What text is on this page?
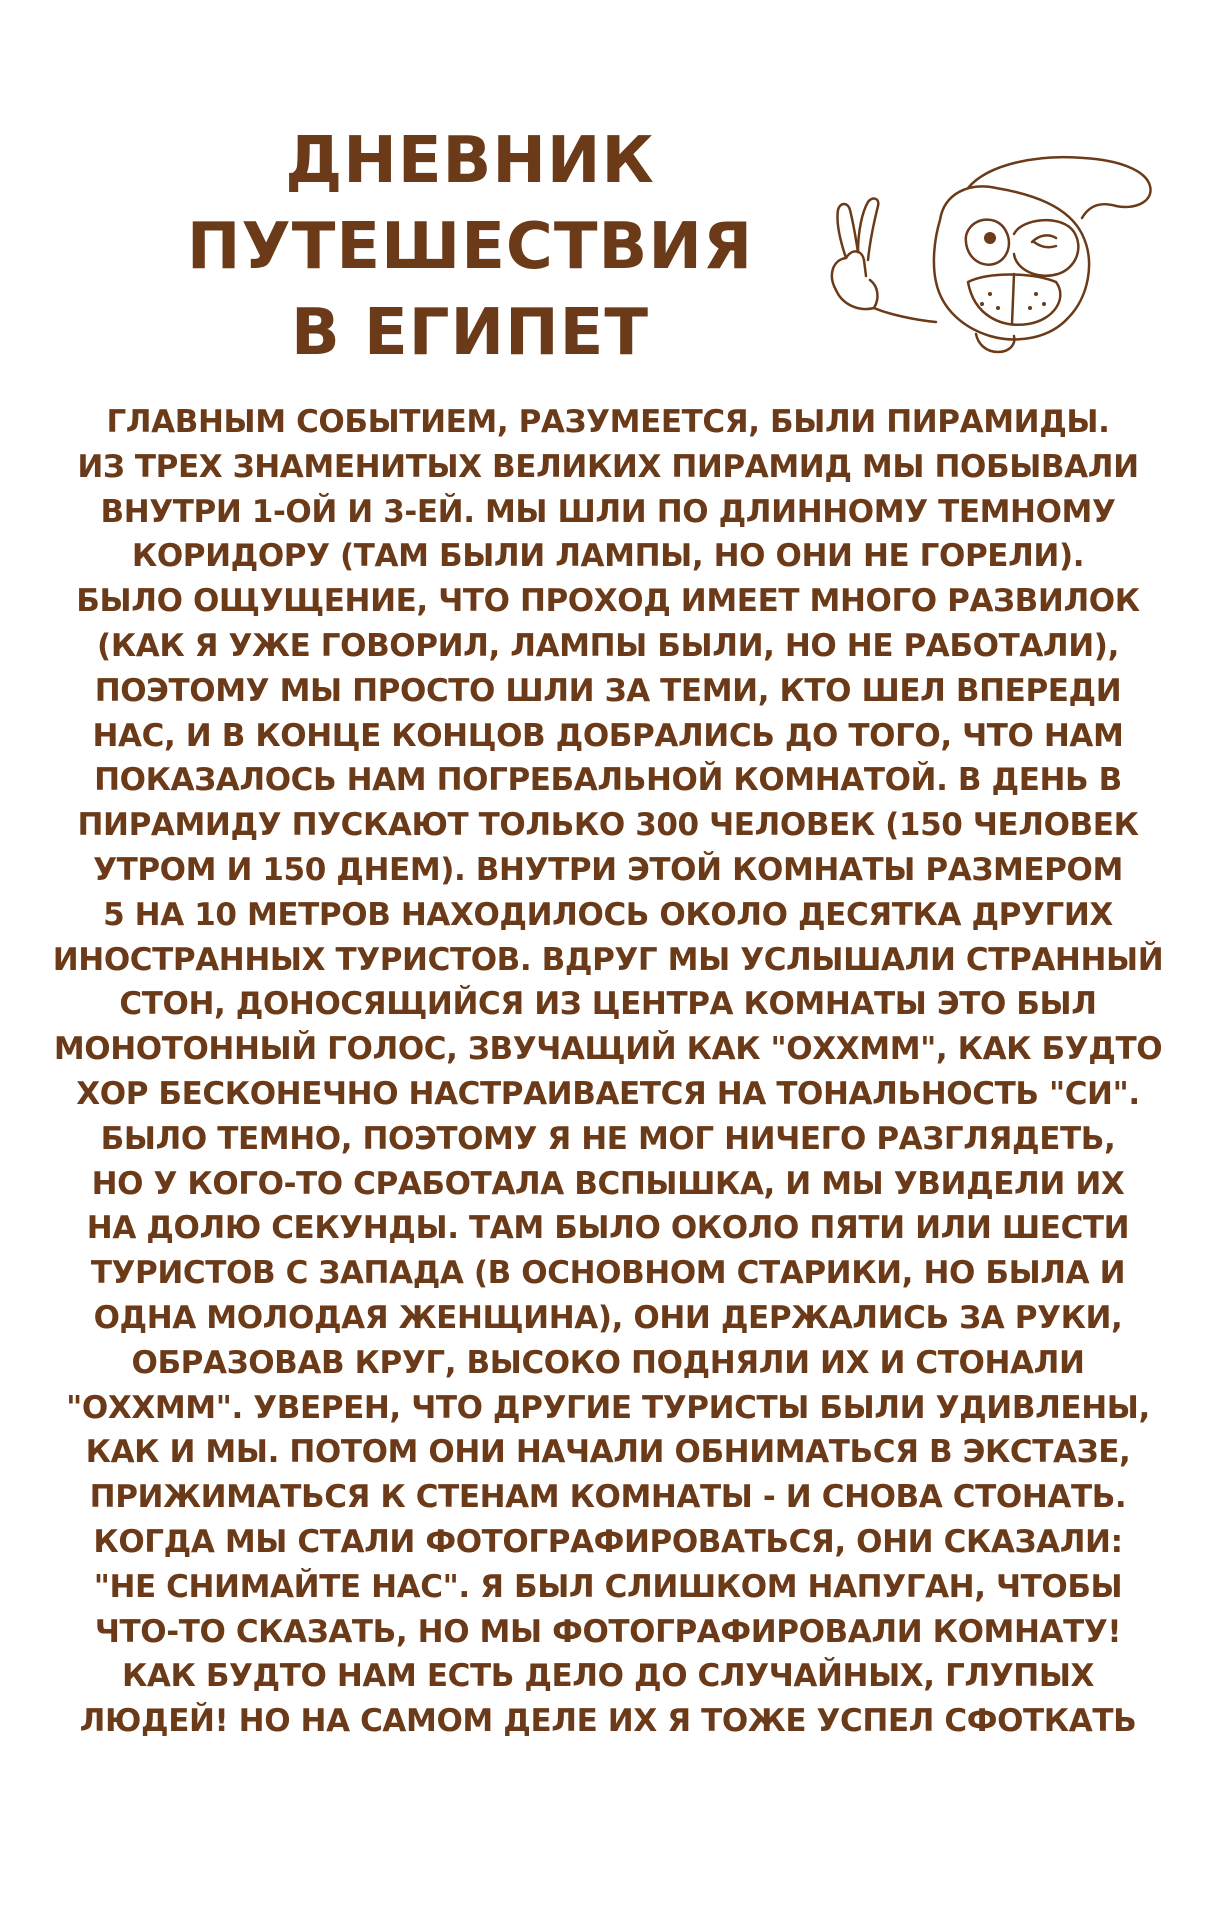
ДНЕВНИК
ПУТЕШЕСТВИЯ
В ЕГИПЕТ
ГЛАВНЫМ СОБЫТИЕМ, РАЗУМЕЕТСЯ, БЫЛИ ПИРАМИДЫ.
ИЗ ТРЕХ ЗНАМЕНИТЫХ ВЕЛИКИХ ПИРАМИД МЫ ПОБЫВАЛИ
ВНУТРИ 1-ОЙ И 3-ЕЙ. МЫ ШЛИ ПО ДЛИННОМУ ТЕМНОМУ
КОРИДОРУ (ТАМ БЫЛИ ЛАМПЫ, НО ОНИ НЕ ГОРЕЛИ).
БЫЛО ОЩУЩЕНИЕ, ЧТО ПРОХОД ИМЕЕТ МНОГО РАЗВИЛОК
(КАК Я УЖЕ ГОВОРИЛ, ЛАМПЫ БЫЛИ, НО НЕ РАБОТАЛИ),
ПОЭТОМУ МЫ ПРОСТО ШЛИ ЗА ТЕМИ, КТО ШЕЛ ВПЕРЕДИ
НАС, И В КОНЦЕ КОНЦОВ ДОБРАЛИСЬ ДО ТОГО, ЧТО НАМ
ПОКАЗАЛОСЬ НАМ ПОГРЕБАЛЬНОЙ КОМНАТОЙ. В ДЕНЬ В
ПИРАМИДУ ПУСКАЮТ ТОЛЬКО 300 ЧЕЛОВЕК (150 ЧЕЛОВЕК
УТРОМ И 150 ДНЕМ). ВНУТРИ ЭТОЙ КОМНАТЫ РАЗМЕРОМ
5 НА 10 МЕТРОВ НАХОДИЛОСЬ ОКОЛО ДЕСЯТКА ДРУГИХ
ИНОСТРАННЫХ ТУРИСТОВ. ВДРУГ МЫ УСЛЫШАЛИ СТРАННЫЙ
СТОН, ДОНОСЯЩИЙСЯ ИЗ ЦЕНТРА КОМНАТЫ ЭТО БЫЛ
МОНОТОННЫЙ ГОЛОС, ЗВУЧАЩИЙ КАК "ОХХММ", КАК БУДТО
ХОР БЕСКОНЕЧНО НАСТРАИВАЕТСЯ НА ТОНАЛЬНОСТЬ "СИ".
БЫЛО ТЕМНО, ПОЭТОМУ Я НЕ МОГ НИЧЕГО РАЗГЛЯДЕТЬ,
НО У КОГО-ТО СРАБОТАЛА ВСПЫШКА, И МЫ УВИДЕЛИ ИХ
НА ДОЛЮ СЕКУНДЫ. ТАМ БЫЛО ОКОЛО ПЯТИ ИЛИ ШЕСТИ
ТУРИСТОВ С ЗАПАДА (В ОСНОВНОМ СТАРИКИ, НО БЫЛА И
ОДНА МОЛОДАЯ ЖЕНЩИНА), ОНИ ДЕРЖАЛИСЬ ЗА РУКИ,
ОБРАЗОВАВ КРУГ, ВЫСОКО ПОДНЯЛИ ИХ И СТОНАЛИ
"ОХХММ". УВЕРЕН, ЧТО ДРУГИЕ ТУРИСТЫ БЫЛИ УДИВЛЕНЫ,
КАК И МЫ. ПОТОМ ОНИ НАЧАЛИ ОБНИМАТЬСЯ В ЭКСТАЗЕ,
ПРИЖИМАТЬСЯ К СТЕНАМ КОМНАТЫ - И СНОВА СТОНАТЬ.
КОГДА МЫ СТАЛИ ФОТОГРАФИРОВАТЬСЯ, ОНИ СКАЗАЛИ:
"НЕ СНИМАЙТЕ НАС". Я БЫЛ СЛИШКОМ НАПУГАН, ЧТОБЫ
ЧТО-ТО СКАЗАТЬ, НО МЫ ФОТОГРАФИРОВАЛИ КОМНАТУ!
КАК БУДТО НАМ ЕСТЬ ДЕЛО ДО СЛУЧАЙНЫХ, ГЛУПЫХ
ЛЮДЕЙ! НО НА САМОМ ДЕЛЕ ИХ Я ТОЖЕ УСПЕЛ СФОТКАТЬ
